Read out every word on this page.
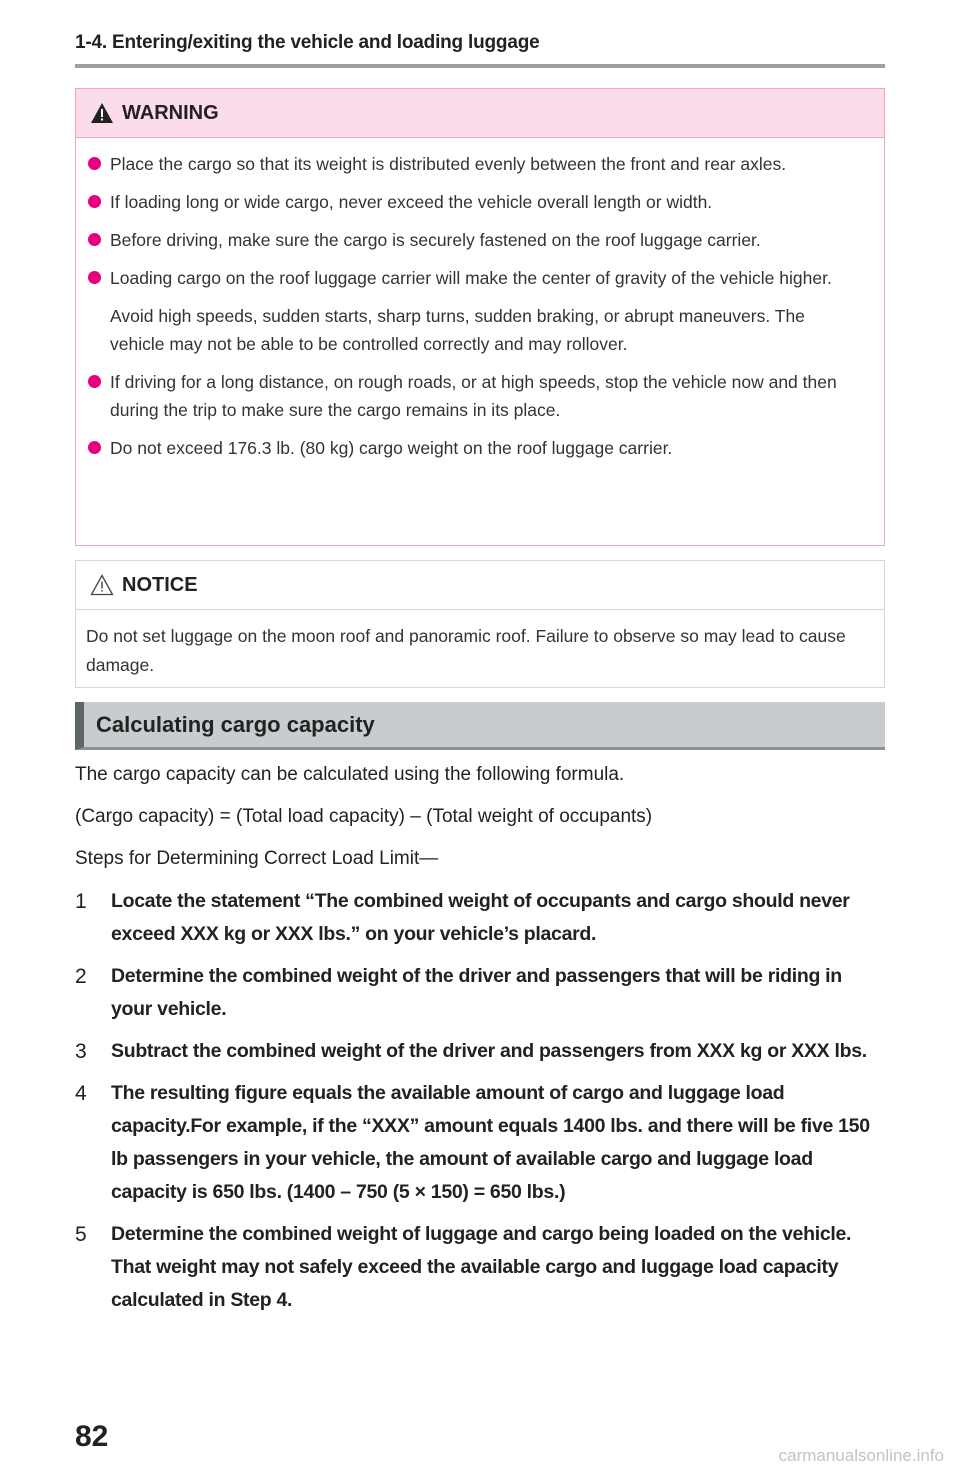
1-4. Entering/exiting the vehicle and loading luggage
WARNING
Place the cargo so that its weight is distributed evenly between the front and rear axles.
If loading long or wide cargo, never exceed the vehicle overall length or width.
Before driving, make sure the cargo is securely fastened on the roof luggage carrier.
Loading cargo on the roof luggage carrier will make the center of gravity of the vehicle higher.
Avoid high speeds, sudden starts, sharp turns, sudden braking, or abrupt maneuvers. The vehicle may not be able to be controlled correctly and may rollover.
If driving for a long distance, on rough roads, or at high speeds, stop the vehicle now and then during the trip to make sure the cargo remains in its place.
Do not exceed 176.3 lb. (80 kg) cargo weight on the roof luggage carrier.
NOTICE
Do not set luggage on the moon roof and panoramic roof. Failure to observe so may lead to cause damage.
Calculating cargo capacity
The cargo capacity can be calculated using the following formula.
(Cargo capacity) = (Total load capacity) – (Total weight of occupants)
Steps for Determining Correct Load Limit—
1 Locate the statement “The combined weight of occupants and cargo should never exceed XXX kg or XXX lbs.” on your vehicle’s placard.
2 Determine the combined weight of the driver and passengers that will be riding in your vehicle.
3 Subtract the combined weight of the driver and passengers from XXX kg or XXX lbs.
4 The resulting figure equals the available amount of cargo and luggage load capacity.For example, if the “XXX” amount equals 1400 lbs. and there will be five 150 lb passengers in your vehicle, the amount of available cargo and luggage load capacity is 650 lbs. (1400 – 750 (5 × 150) = 650 lbs.)
5 Determine the combined weight of luggage and cargo being loaded on the vehicle. That weight may not safely exceed the available cargo and luggage load capacity calculated in Step 4.
82
carmanualsonline.info
